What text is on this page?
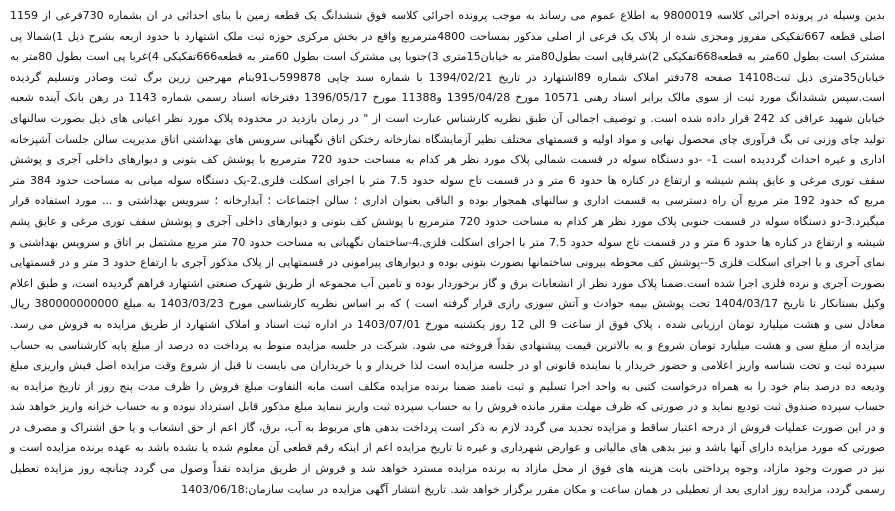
بدین وسیله در پرونده اجرائی کلاسه 9800019 به اطلاع عموم می رساند به موجب پرونده اجرائی کلاسه فوق ششدانگ یک قطعه زمین با بنای احداثی در ان بشماره 730فرعی از 1159 اصلی قطعه 667تفکیکی مفروز ومجزی شده از پلاک یک فرعی از اصلی مذکور بمساحت 4800مترمربع واقع در بخش مرکزی حوزه ثبت ملک اشتهارد با حدود اربعه بشرح ذیل 1)شمالا پی مشترک است بطول 60متر به قطعه668تفکیکی 2)شرقاپی است بطول80متر به خیابان15متری 3)جنوبا پی مشترک است بطول 60متر به قطعه666تفکیکی 4)غربا پی است بطول 80متر به خیابان35متری ذیل ثبت14108 صفحه 78دفتر املاک شماره 89اشتهارد در تاریخ 1394/02/21 با شماره سند چاپی 599878ب91بنام مهرجین زرین برگ ثبت وصادر وتسلیم گردیده است.سپس ششدانگ مورد ثبت از سوی مالک برابر اسناد رهنی 10571 مورخ 1395/04/28 و11388 مورخ 1396/05/17 دفترخانه اسناد رسمی شماره 1143 در رهن بانک آینده شعبه خیابان شهید عراقی کد 242 قرار داده شده است. و توصیف اجمالی آن طبق نظریه کارشناس عبارت است از " در زمان بازدید در محدوده پلاک مورد نظر اعیانی های ذیل بصورت سالنهای تولید چای وزنی تی بگ فرآوری چای محصول نهایی و مواد اولیه و قسمتهای مختلف نظیر آزمایشگاه نمازخانه رختکن اتاق نگهبانی سرویس های بهداشتی اتاق مدیریت سالن جلسات آشپزخانه اداری و غیره احداث گرددیده است 1- -دو دستگاه سوله در قسمت شمالی پلاک مورد نظر هر کدام به مساحت حدود 720 مترمربع با پوشش کف بتونی و دیوارهای داخلی آجری و پوشش سقف توری مرغی و عایق پشم شیشه و ارتفاع در کناره ها حدود 6 متر و در قسمت تاج سوله حدود 7.5 متر با اجرای اسکلت فلزی.2-یک دستگاه سوله میانی به مساحت حدود 384 متر مربع که حدود 192 متر مربع آن راه دسترسی به قسمت اداری و سالنهای همجوار بوده و الباقی بعنوان اداری ؛ سالن اجتماعات ؛ آبدارخانه ؛ سرویس بهداشتی و ... مورد استفاده قرار میگیرد.3-دو دستگاه سوله در قسمت جنوبی پلاک مورد نظر هر کدام به مساحت حدود 720 مترمربع با پوشش کف بتونی و دیوارهای داخلی آجری و پوشش سقف توری مرغی و عایق پشم شیشه و ارتفاع در کناره ها حدود 6 متر و در قسمت تاج سوله حدود 7.5 متر با اجرای اسکلت فلزی.4-ساختمان نگهبانی به مساحت حدود 70 متر مربع مشتمل بر اتاق و سرویس بهداشتی و نمای آجری و با اجرای اسکلت فلزی 5--پوشش کف محوطه بیرونی ساختمانها بصورت بتونی بوده و دیوارهای پیرامونی در قسمتهایی از پلاک مذکور آجری با ارتفاع حدود 3 متر و در قسمتهایی بصورت آجری و نرده فلزی اجرا شده است.ضمنا پلاک مورد نظر از انشعابات برق و گاز برخوردار بوده و تامین آب مجموعه از طریق شهرک صنعتی اشتهارد فراهم گردیده است، و طبق اعلام وکیل بستانکار تا تاریخ 1404/03/17 تحت پوشش بیمه حوادث و آتش سوزی رازی قرار گرفته است ) که بر اساس نظریه کارشناسی مورخ 1403/03/23 به مبلغ 380000000000 ریال معادل سی و هشت میلیارد تومان ارزیابی شده ، پلاک فوق از ساعت 9 الی 12 روز یکشنبه مورخ 1403/07/01 در اداره ثبت اسناد و املاک اشتهارد از طریق مزایده به فروش می رسد. مزایده از مبلغ سی و هشت میلیارد تومان شروع و به بالاترین قیمت پیشنهادی نقداً فروخته می شود. شرکت در جلسه مزایده منوط به پرداخت ده درصد از مبلغ پایه کارشناسی به حساب سپرده ثبت و تحت شناسه واریز اعلامی و حضور خریدار یا نماینده قانونی او در جلسه مزایده است لذا خریدار و یا خریداران می بایست تا قبل از شروع وقت مزایده اصل فیش واریزی مبلغ ودیعه ده درصد بنام خود را به همراه درخواست کتبی به واحد اجرا تسلیم و ثبت نامند ضمنا برنده مزایده مکلف است مابه التفاوت مبلغ فروش را ظرف مدت پنج روز از تاریخ مزایده به حساب سپرده صندوق ثبت تودیع نماید و در صورتی که ظرف مهلت مقرر مانده فروش را به حساب سپرده ثبت واریز ننماید مبلغ مذکور قابل استرداد نبوده و به حساب خزانه واریز خواهد شد و در این صورت عملیات فروش از درجه اعتبار ساقط و مزایده تجدید می گردد لازم به ذکر است پرداخت بدهی های مربوط به آب، برق، گاز اعم از حق انشعاب و یا حق اشتراک و مصرف در صورتی که مورد مزایده دارای آنها باشد و نیز بدهی های مالیاتی و عوارض شهرداری و غیره تا تاریخ مزایده اعم از اینکه رقم قطعی آن معلوم شده یا نشده باشد به عهده برنده مزایده است و نیز در صورت وجود مازاد، وجوه پرداختی بابت هزینه های فوق از محل مازاد به برنده مزایده مسترد خواهد شد و فروش از طریق مزایده نقداً وصول می گردد چنانچه روز مزایده تعطیل رسمی گردد، مزایده روز اداری بعد از تعطیلی در همان ساعت و مکان مقرر برگزار خواهد شد. تاریخ انتشار آگهی مزایده در سایت سازمان:1403/06/18
